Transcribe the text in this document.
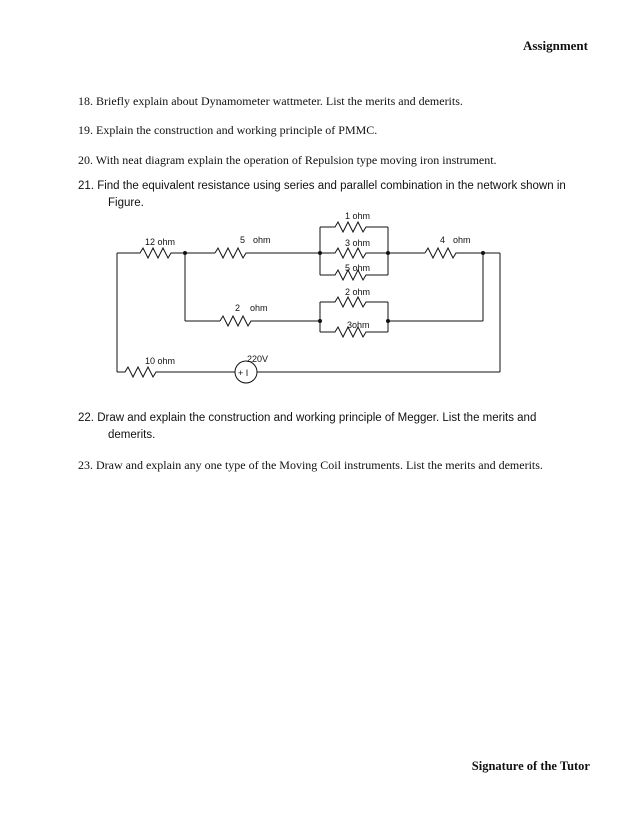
Assignment
18. Briefly explain about Dynamometer wattmeter. List the merits and demerits.
19. Explain the construction and working principle of PMMC.
20. With neat diagram explain the operation of Repulsion type moving iron instrument.
21. Find the equivalent resistance using series and parallel combination in the network shown in Figure.
12 ohm	5 ohm
1 ohm
3 ohm
5 ohm
4 ohm
2 ohm
2 ohm
3ohm
10 ohm	220V
+ I
22. Draw and explain the construction and working principle of Megger. List the merits and demerits.
23. Draw and explain any one type of the Moving Coil instruments. List the merits and demerits.
Signature of the Tutor
